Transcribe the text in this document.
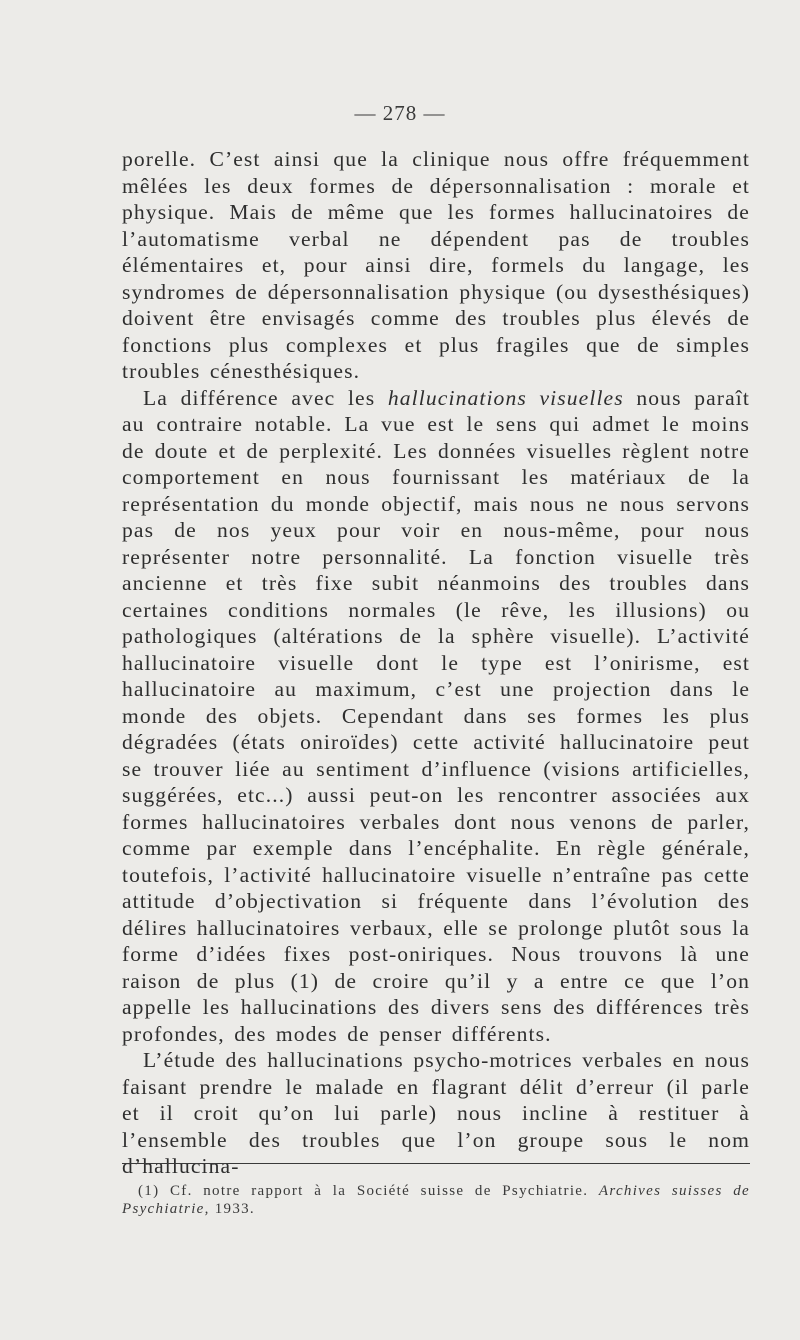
— 278 —

porelle. C’est ainsi que la clinique nous offre fréquemment mêlées les deux formes de dépersonnalisation : morale et physique. Mais de même que les formes hallucinatoires de l’automatisme verbal ne dépendent pas de troubles élémentaires et, pour ainsi dire, formels du langage, les syndromes de dépersonnalisation physique (ou dysesthésiques) doivent être envisagés comme des troubles plus élevés de fonctions plus complexes et plus fragiles que de simples troubles cénesthésiques.

La différence avec les hallucinations visuelles nous paraît au contraire notable. La vue est le sens qui admet le moins de doute et de perplexité. Les données visuelles règlent notre comportement en nous fournissant les matériaux de la représentation du monde objectif, mais nous ne nous servons pas de nos yeux pour voir en nous-même, pour nous représenter notre personnalité. La fonction visuelle très ancienne et très fixe subit néanmoins des troubles dans certaines conditions normales (le rêve, les illusions) ou pathologiques (altérations de la sphère visuelle). L’activité hallucinatoire visuelle dont le type est l’onirisme, est hallucinatoire au maximum, c’est une projection dans le monde des objets. Cependant dans ses formes les plus dégradées (états oniroïdes) cette activité hallucinatoire peut se trouver liée au sentiment d’influence (visions artificielles, suggérées, etc...) aussi peut-on les rencontrer associées aux formes hallucinatoires verbales dont nous venons de parler, comme par exemple dans l’encéphalite. En règle générale, toutefois, l’activité hallucinatoire visuelle n’entraîne pas cette attitude d’objectivation si fréquente dans l’évolution des délires hallucinatoires verbaux, elle se prolonge plutôt sous la forme d’idées fixes post-oniriques. Nous trouvons là une raison de plus (1) de croire qu’il y a entre ce que l’on appelle les hallucinations des divers sens des différences très profondes, des modes de penser différents.

L’étude des hallucinations psycho-motrices verbales en nous faisant prendre le malade en flagrant délit d’erreur (il parle et il croit qu’on lui parle) nous incline à restituer à l’ensemble des troubles que l’on groupe sous le nom d’hallucina-

(1) Cf. notre rapport à la Société suisse de Psychiatrie. Archives suisses de Psychiatrie, 1933.
